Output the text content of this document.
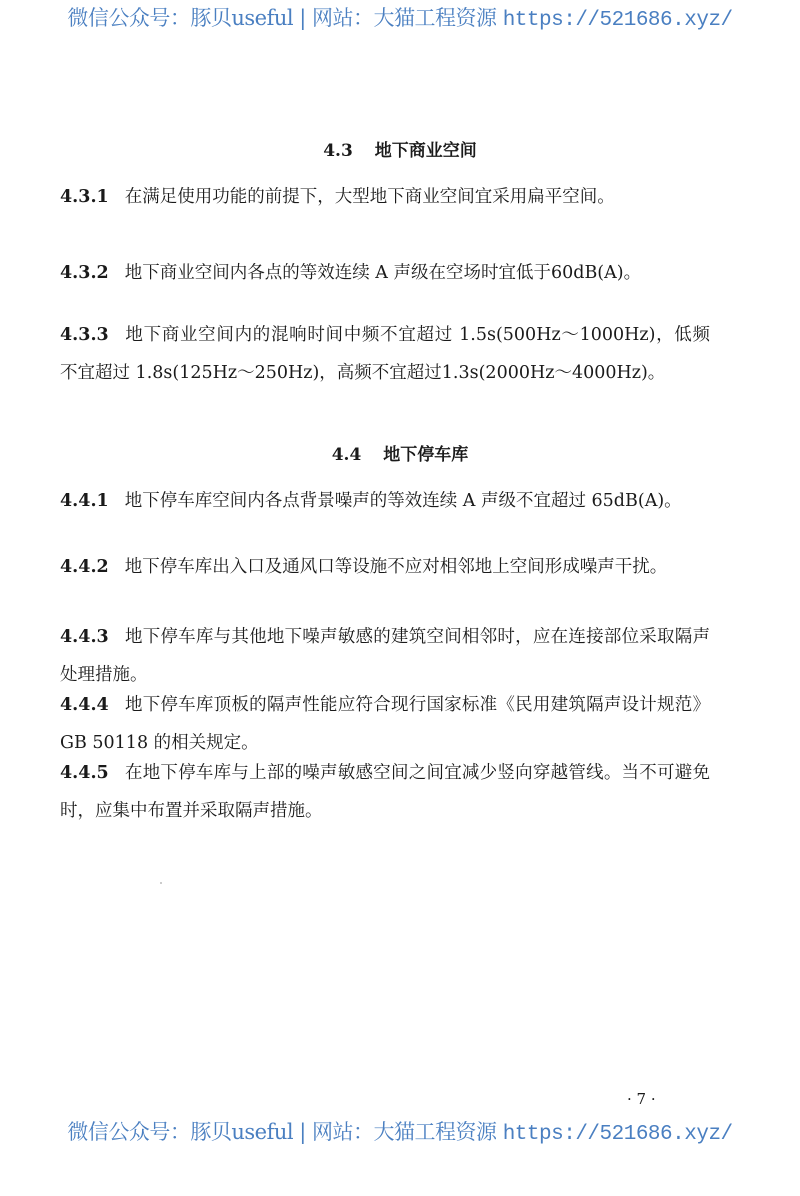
微信公众号：豚贝useful | 网站：大猫工程资源 https://521686.xyz/
4.3 地下商业空间
4.3.1 在满足使用功能的前提下，大型地下商业空间宜采用扁平空间。
4.3.2 地下商业空间内各点的等效连续 A 声级在空场时宜低于60dB(A)。
4.3.3 地下商业空间内的混响时间中频不宜超过 1.5s(500Hz～1000Hz)，低频不宜超过 1.8s(125Hz～250Hz)，高频不宜超过1.3s(2000Hz～4000Hz)。
4.4 地下停车库
4.4.1 地下停车库空间内各点背景噪声的等效连续 A 声级不宜超过 65dB(A)。
4.4.2 地下停车库出入口及通风口等设施不应对相邻地上空间形成噪声干扰。
4.4.3 地下停车库与其他地下噪声敏感的建筑空间相邻时，应在连接部位采取隔声处理措施。
4.4.4 地下停车库顶板的隔声性能应符合现行国家标准《民用建筑隔声设计规范》GB 50118 的相关规定。
4.4.5 在地下停车库与上部的噪声敏感空间之间宜减少竖向穿越管线。当不可避免时，应集中布置并采取隔声措施。
· 7 ·
微信公众号：豚贝useful | 网站：大猫工程资源 https://521686.xyz/
